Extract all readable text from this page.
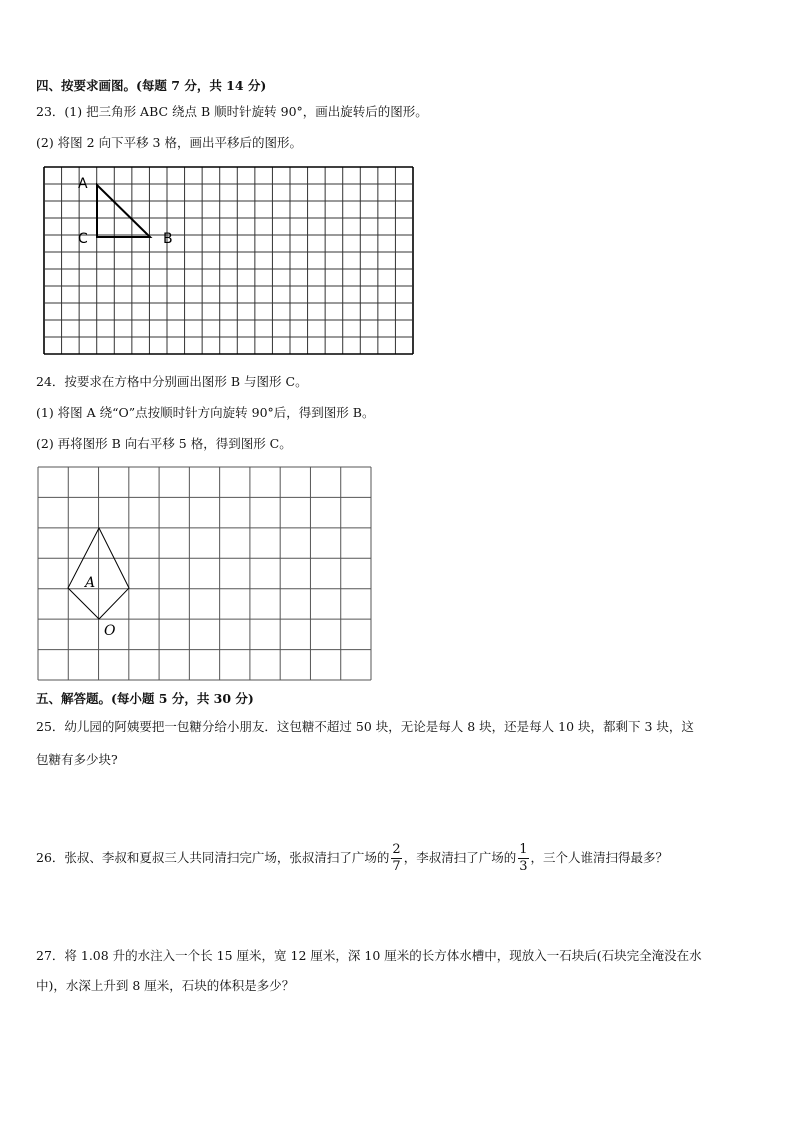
四、按要求画图。(每题 7 分，共 14 分)
23．(1) 把三角形 ABC 绕点 B 顺时针旋转 90°，画出旋转后的图形。
(2) 将图 2 向下平移 3 格，画出平移后的图形。
A
C	B
24．按要求在方格中分别画出图形 B 与图形 C。
(1) 将图 A 绕“O”点按顺时针方向旋转 90°后，得到图形 B。
(2) 再将图形 B 向右平移 5 格，得到图形 C。
A
O
五、解答题。(每小题 5 分，共 30 分)
25．幼儿园的阿姨要把一包糖分给小朋友．这包糖不超过 50 块，无论是每人 8 块，还是每人 10 块，都剩下 3 块，这
包糖有多少块?
26．张叔、李叔和夏叔三人共同清扫完广场，张叔清扫了广场的 $\frac{2}{7}$ ，李叔清扫了广场的 $\frac{1}{3}$ ，三个人谁清扫得最多？
27．将 1.08 升的水注入一个长 15 厘米，宽 12 厘米，深 10 厘米的长方体水槽中，现放入一石块后(石块完全淹没在水
中)，水深上升到 8 厘米，石块的体积是多少？
